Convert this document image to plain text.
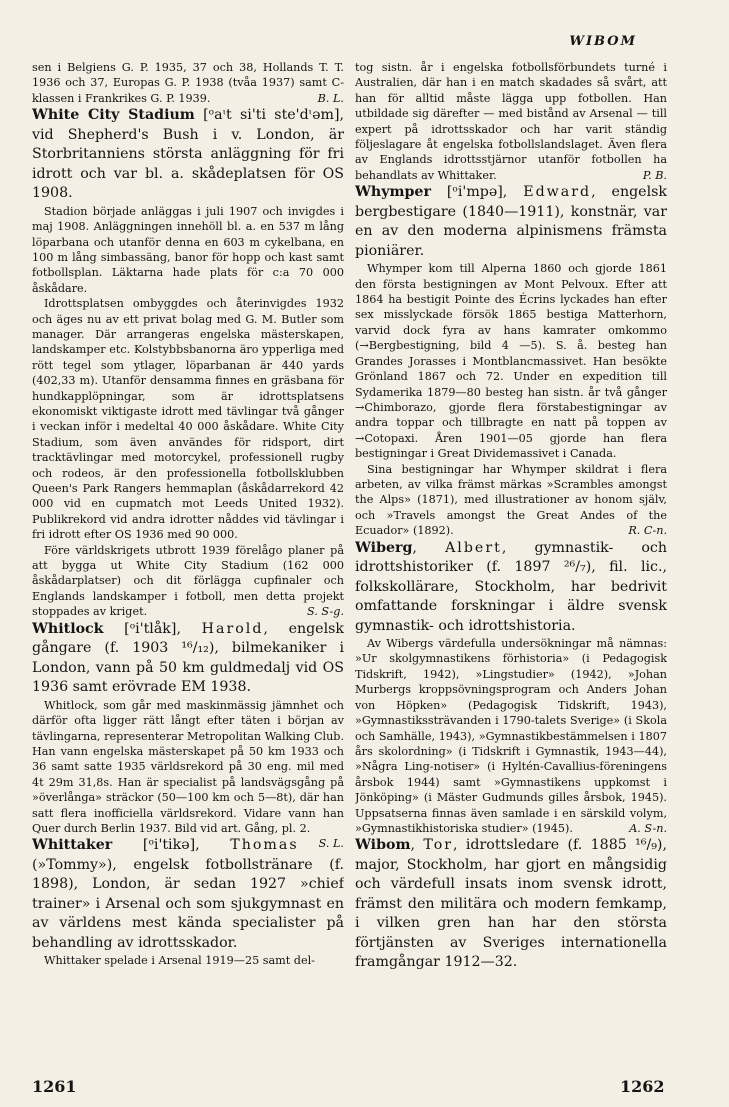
WIBOM

sen i Belgiens G. P. 1935, 37 och 38, Hollands T. T. 1936 och 37, Europas G. P. 1938 (tvåa 1937) samt C-klassen i Frankrikes G. P. 1939.	B. L.

White City Stadium [ᵒaᶥt si'ti ste'dᶥəm], vid Shepherd's Bush i v. London, är Storbritanniens största anläggning för fri idrott och var bl. a. skådeplatsen för OS 1908.

Stadion började anläggas i juli 1907 och invigdes i maj 1908. Anläggningen innehöll bl. a. en 537 m lång löparbana och utanför denna en 603 m cykelbana, en 100 m lång simbassäng, banor för hopp och kast samt fotbollsplan. Läktarna hade plats för c:a 70 000 åskådare.

Idrottsplatsen ombyggdes och återinvigdes 1932 och äges nu av ett privat bolag med G. M. Butler som manager. Där arrangeras engelska mästerskapen, landskamper etc. Kolstybbsbanorna äro ypperliga med rött tegel som ytlager, löparbanan är 440 yards (402,33 m). Utanför densamma finnes en gräsbana för hundkapplöpningar, som är idrottsplatsens ekonomiskt viktigaste idrott med tävlingar två gånger i veckan inför i medeltal 40 000 åskådare. White City Stadium, som även användes för ridsport, dirt tracktävlingar med motorcykel, professionell rugby och rodeos, är den professionella fotbollsklubben Queen's Park Rangers hemmaplan (åskådarrekord 42 000 vid en cupmatch mot Leeds United 1932). Publikrekord vid andra idrotter nåddes vid tävlingar i fri idrott efter OS 1936 med 90 000.

Före världskrigets utbrott 1939 förelågo planer på att bygga ut White City Stadium (162 000 åskådarplatser) och dit förlägga cupfinaler och Englands landskamper i fotboll, men detta projekt stoppades av kriget.	S. S-g.

Whitlock [ᵒi'tlåk], Harold, engelsk gångare (f. 1903 ¹⁶/₁₂), bilmekaniker i London, vann på 50 km guldmedalj vid OS 1936 samt erövrade EM 1938.

Whitlock, som går med maskinmässig jämnhet och därför ofta ligger rätt långt efter täten i början av tävlingarna, representerar Metropolitan Walking Club. Han vann engelska mästerskapet på 50 km 1933 och 36 samt satte 1935 världsrekord på 30 eng. mil med 4t 29m 31,8s. Han är specialist på landsvägsgång på »överlånga» sträckor (50—100 km och 5—8t), där han satt flera inofficiella världsrekord. Vidare vann han Quer durch Berlin 1937. Bild vid art. Gång, pl. 2.
S. L.

Whittaker [ᵒi'tikə], Thomas (»Tommy»), engelsk fotbollstränare (f. 1898), London, är sedan 1927 »chief trainer» i Arsenal och som sjukgymnast en av världens mest kända specialister på behandling av idrottsskador.

Whittaker spelade i Arsenal 1919—25 samt del-

tog sistn. år i engelska fotbollsförbundets turné i Australien, där han i en match skadades så svårt, att han för alltid måste lägga upp fotbollen. Han utbildade sig därefter — med bistånd av Arsenal — till expert på idrottsskador och har varit ständig följeslagare åt engelska fotbollslandslaget. Även flera av Englands idrottsstjärnor utanför fotbollen ha behandlats av Whittaker.	P. B.

Whymper [ᵒi'mpə], Edward, engelsk bergbestigare (1840—1911), konstnär, var en av den moderna alpinismens främsta pioniärer.

Whymper kom till Alperna 1860 och gjorde 1861 den första bestigningen av Mont Pelvoux. Efter att 1864 ha bestigit Pointe des Écrins lyckades han efter sex misslyckade försök 1865 bestiga Matterhorn, varvid dock fyra av hans kamrater omkommo (→Bergbestigning, bild 4 —5). S. å. besteg han Grandes Jorasses i Montblancmassivet. Han besökte Grönland 1867 och 72. Under en expedition till Sydamerika 1879—80 besteg han sistn. år två gånger →Chimborazo, gjorde flera förstabestigningar av andra toppar och tillbragte en natt på toppen av →Cotopaxi. Åren 1901—05 gjorde han flera bestigningar i Great Dividemassivet i Canada.

Sina bestigningar har Whymper skildrat i flera arbeten, av vilka främst märkas »Scrambles amongst the Alps» (1871), med illustrationer av honom själv, och »Travels amongst the Great Andes of the Ecuador» (1892).	R. C-n.

Wiberg, Albert, gymnastik- och idrottshistoriker (f. 1897 ²⁶/₇), fil. lic., folkskollärare, Stockholm, har bedrivit omfattande forskningar i äldre svensk gymnastik- och idrottshistoria.

Av Wibergs värdefulla undersökningar må nämnas: »Ur skolgymnastikens förhistoria» (i Pedagogisk Tidskrift, 1942), »Lingstudier» (1942), »Johan Murbergs kroppsövningsprogram och Anders Johan von Höpken» (Pedagogisk Tidskrift, 1943), »Gymnastikssträvanden i 1790-talets Sverige» (i Skola och Samhälle, 1943), »Gymnastikbestämmelsen i 1807 års skolordning» (i Tidskrift i Gymnastik, 1943—44), »Några Ling-notiser» (i Hyltén-Cavallius-föreningens årsbok 1944) samt »Gymnastikens uppkomst i Jönköping» (i Mäster Gudmunds gilles årsbok, 1945). Uppsatserna finnas även samlade i en särskild volym, »Gymnastikhistoriska studier» (1945).	A. S-n.

Wibom, Tor, idrottsledare (f. 1885 ¹⁶/₉), major, Stockholm, har gjort en mångsidig och värdefull insats inom svensk idrott, främst den militära och modern femkamp, i vilken gren han har den största förtjänsten av Sveriges internationella framgångar 1912—32.

1261	1262
